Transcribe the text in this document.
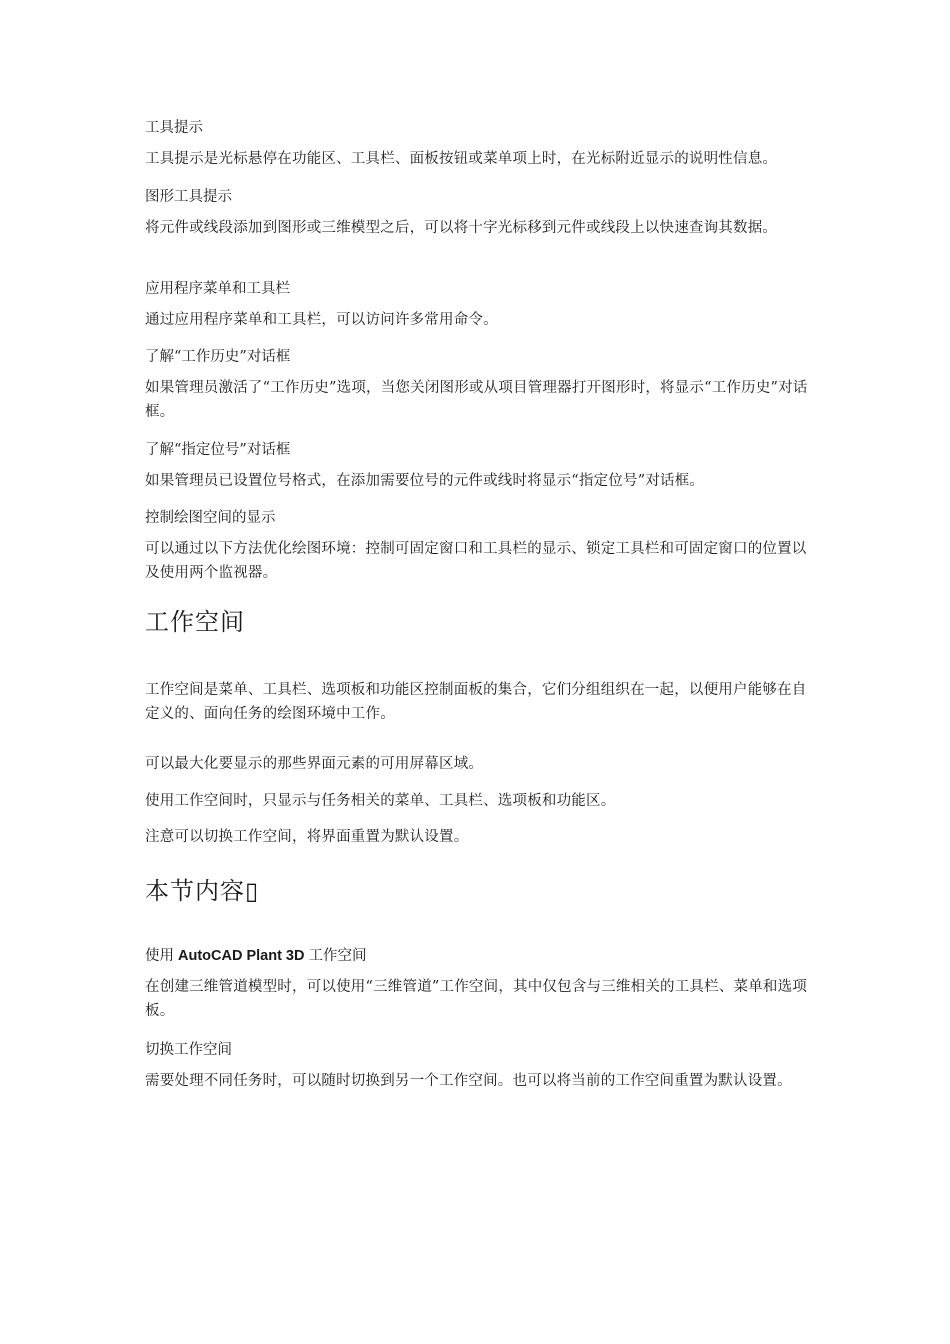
工具提示

工具提示是光标悬停在功能区、工具栏、面板按钮或菜单项上时，在光标附近显示的说明性信息。

图形工具提示

将元件或线段添加到图形或三维模型之后，可以将十字光标移到元件或线段上以快速查询其数据。

应用程序菜单和工具栏

通过应用程序菜单和工具栏，可以访问许多常用命令。

了解“工作历史”对话框

如果管理员激活了“工作历史”选项，当您关闭图形或从项目管理器打开图形时，将显示“工作历史”对话框。

了解“指定位号”对话框

如果管理员已设置位号格式，在添加需要位号的元件或线时将显示“指定位号”对话框。

控制绘图空间的显示

可以通过以下方法优化绘图环境：控制可固定窗口和工具栏的显示、锁定工具栏和可固定窗口的位置以及使用两个监视器。

工作空间

工作空间是菜单、工具栏、选项板和功能区控制面板的集合，它们分组组织在一起，以便用户能够在自定义的、面向任务的绘图环境中工作。

可以最大化要显示的那些界面元素的可用屏幕区域。

使用工作空间时，只显示与任务相关的菜单、工具栏、选项板和功能区。

注意可以切换工作空间，将界面重置为默认设置。

本节内容▯

使用 AutoCAD Plant 3D 工作空间

在创建三维管道模型时，可以使用“三维管道”工作空间，其中仅包含与三维相关的工具栏、菜单和选项板。

切换工作空间

需要处理不同任务时，可以随时切换到另一个工作空间。也可以将当前的工作空间重置为默认设置。
